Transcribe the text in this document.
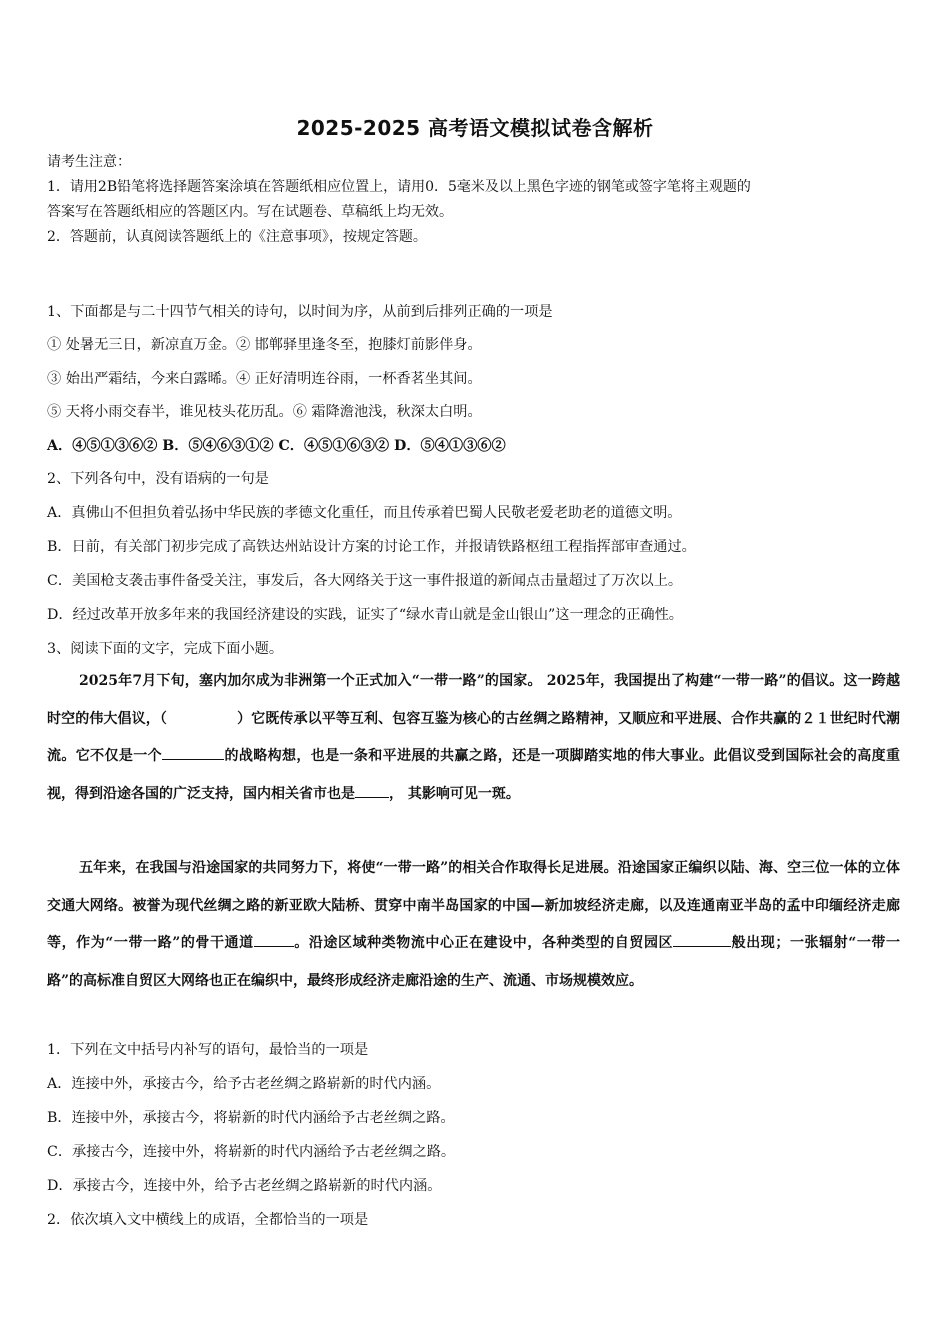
2025-2025 高考语文模拟试卷含解析
请考生注意：
1．请用2B铅笔将选择题答案涂填在答题纸相应位置上，请用0．5毫米及以上黑色字迹的钢笔或签字笔将主观题的
答案写在答题纸相应的答题区内。写在试题卷、草稿纸上均无效。
2．答题前，认真阅读答题纸上的《注意事项》，按规定答题。
1、下面都是与二十四节气相关的诗句，以时间为序，从前到后排列正确的一项是
① 处暑无三日，新凉直万金。② 邯郸驿里逢冬至，抱膝灯前影伴身。
③ 始出严霜结，今来白露晞。④ 正好清明连谷雨，一杯香茗坐其间。
⑤ 天将小雨交春半，谁见枝头花历乱。⑥ 霜降澹池浅，秋深太白明。
A．④⑤①③⑥② B．⑤④⑥③①② C．④⑤①⑥③② D．⑤④①③⑥②
2、下列各句中，没有语病的一句是
A．真佛山不但担负着弘扬中华民族的孝德文化重任，而且传承着巴蜀人民敬老爱老助老的道德文明。
B．日前，有关部门初步完成了高铁达州站设计方案的讨论工作，并报请铁路枢纽工程指挥部审查通过。
C．美国枪支袭击事件备受关注，事发后，各大网络关于这一事件报道的新闻点击量超过了万次以上。
D．经过改革开放多年来的我国经济建设的实践，证实了“绿水青山就是金山银山”这一理念的正确性。
3、阅读下面的文字，完成下面小题。
2025年7月下旬，塞内加尔成为非洲第一个正式加入“一带一路”的国家。 2025年，我国提出了构建“一带一路”的倡议。这一跨越时空的伟大倡议，（	）它既传承以平等互利、包容互鉴为核心的古丝绸之路精神，又顺应和平进展、合作共赢的２１世纪时代潮流。它不仅是一个	的战略构想，也是一条和平进展的共赢之路，还是一项脚踏实地的伟大事业。此倡议受到国际社会的高度重视，得到沿途各国的广泛支持，国内相关省市也是 ， 其影响可见一斑。
五年来，在我国与沿途国家的共同努力下，将使“一带一路”的相关合作取得长足进展。沿途国家正编织以陆、海、空三位一体的立体交通大网络。被誉为现代丝绸之路的新亚欧大陆桥、贯穿中南半岛国家的中国—新加坡经济走廊，以及连通南亚半岛的孟中印缅经济走廊等，作为“一带一路”的骨干通道	。沿途区域种类物流中心正在建设中，各种类型的自贸园区	般出现；一张辐射“一带一路”的高标准自贸区大网络也正在编织中，最终形成经济走廊沿途的生产、流通、市场规模效应。
1．下列在文中括号内补写的语句，最恰当的一项是
A．连接中外，承接古今，给予古老丝绸之路崭新的时代内涵。
B．连接中外，承接古今，将崭新的时代内涵给予古老丝绸之路。
C．承接古今，连接中外，将崭新的时代内涵给予古老丝绸之路。
D．承接古今，连接中外，给予古老丝绸之路崭新的时代内涵。
2．依次填入文中横线上的成语，全都恰当的一项是
